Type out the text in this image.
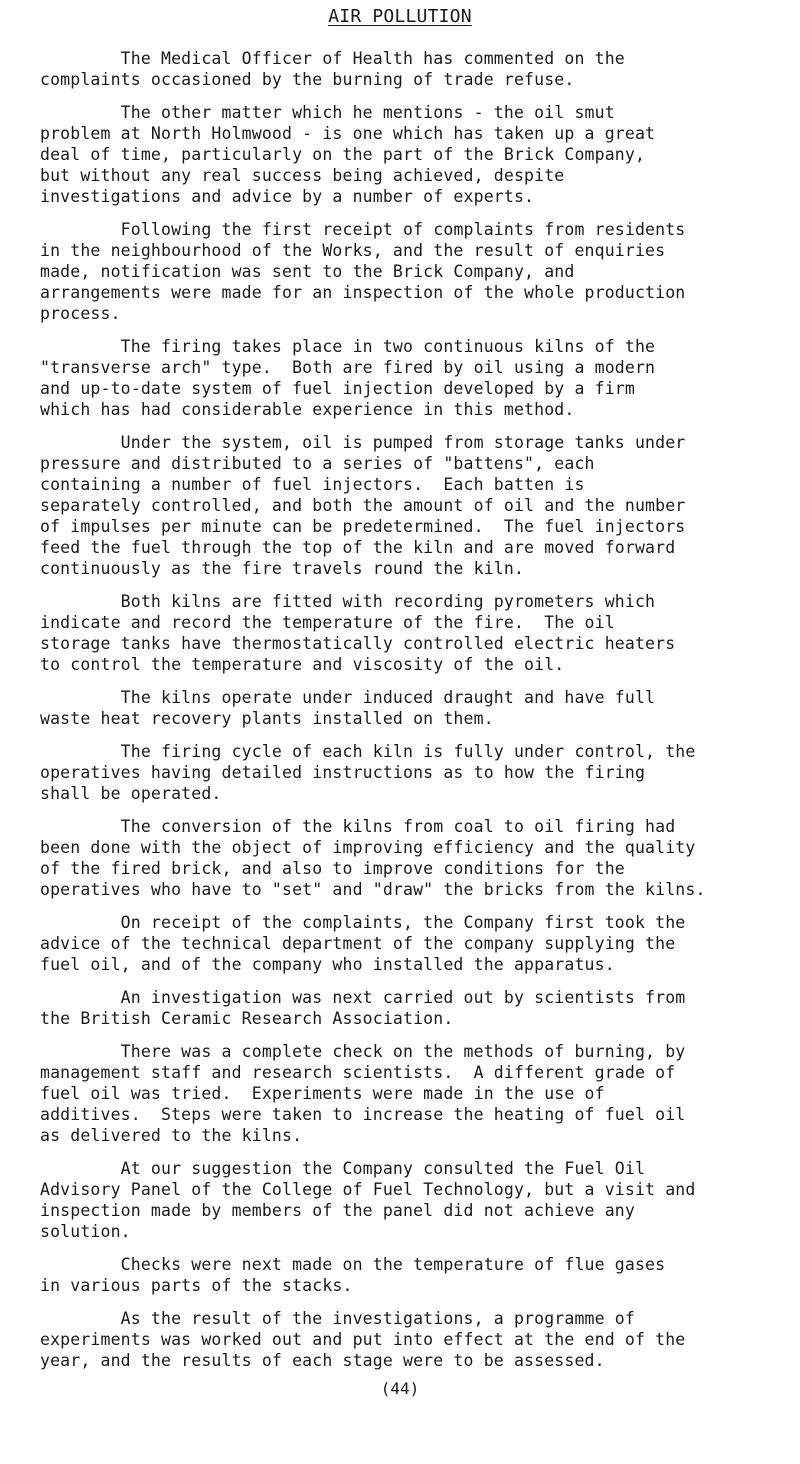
AIR POLLUTION
The Medical Officer of Health has commented on the
complaints occasioned by the burning of trade refuse.
The other matter which he mentions - the oil smut
problem at North Holmwood - is one which has taken up a great
deal of time, particularly on the part of the Brick Company,
but without any real success being achieved, despite
investigations and advice by a number of experts.
Following the first receipt of complaints from residents
in the neighbourhood of the Works, and the result of enquiries
made, notification was sent to the Brick Company, and
arrangements were made for an inspection of the whole production
process.
The firing takes place in two continuous kilns of the
"transverse arch" type.  Both are fired by oil using a modern
and up-to-date system of fuel injection developed by a firm
which has had considerable experience in this method.
Under the system, oil is pumped from storage tanks under
pressure and distributed to a series of "battens", each
containing a number of fuel injectors.  Each batten is
separately controlled, and both the amount of oil and the number
of impulses per minute can be predetermined.  The fuel injectors
feed the fuel through the top of the kiln and are moved forward
continuously as the fire travels round the kiln.
Both kilns are fitted with recording pyrometers which
indicate and record the temperature of the fire.  The oil
storage tanks have thermostatically controlled electric heaters
to control the temperature and viscosity of the oil.
The kilns operate under induced draught and have full
waste heat recovery plants installed on them.
The firing cycle of each kiln is fully under control, the
operatives having detailed instructions as to how the firing
shall be operated.
The conversion of the kilns from coal to oil firing had
been done with the object of improving efficiency and the quality
of the fired brick, and also to improve conditions for the
operatives who have to "set" and "draw" the bricks from the kilns.
On receipt of the complaints, the Company first took the
advice of the technical department of the company supplying the
fuel oil, and of the company who installed the apparatus.
An investigation was next carried out by scientists from
the British Ceramic Research Association.
There was a complete check on the methods of burning, by
management staff and research scientists.  A different grade of
fuel oil was tried.  Experiments were made in the use of
additives.  Steps were taken to increase the heating of fuel oil
as delivered to the kilns.
At our suggestion the Company consulted the Fuel Oil
Advisory Panel of the College of Fuel Technology, but a visit and
inspection made by members of the panel did not achieve any
solution.
Checks were next made on the temperature of flue gases
in various parts of the stacks.
As the result of the investigations, a programme of
experiments was worked out and put into effect at the end of the
year, and the results of each stage were to be assessed.
(44)
